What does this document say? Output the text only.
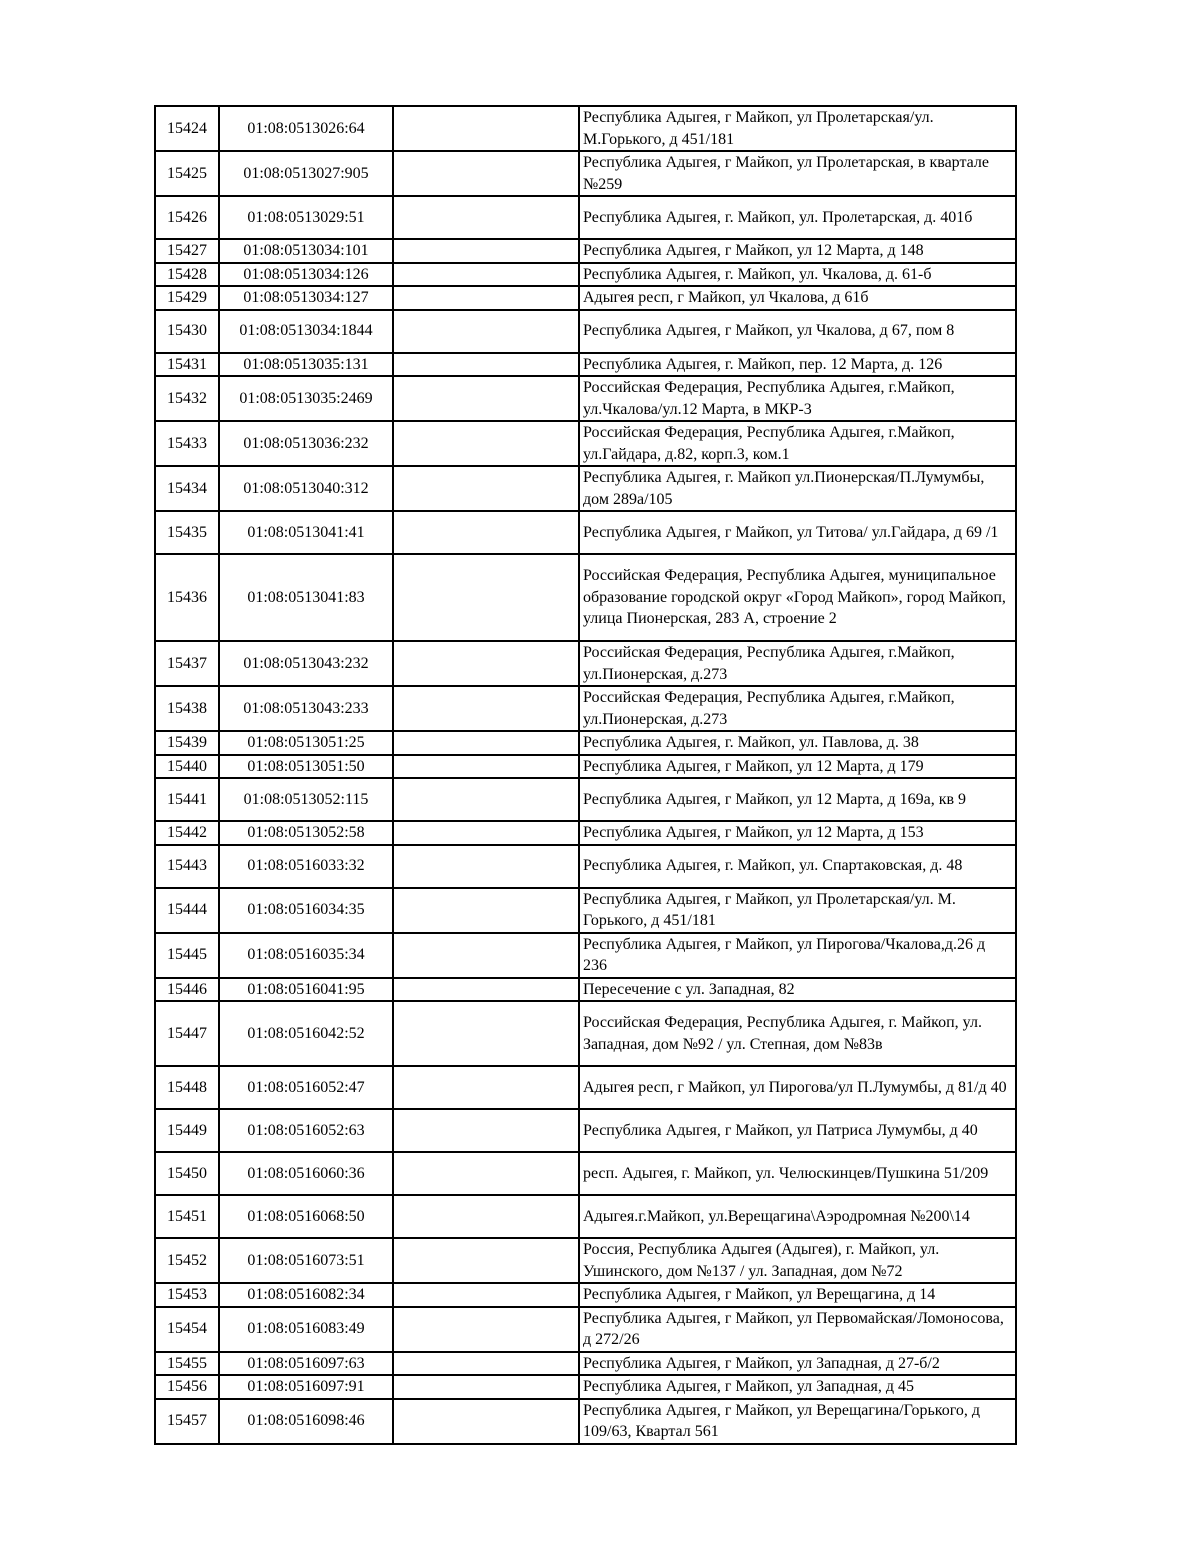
15424	01:08:0513026:64		Республика Адыгея, г Майкоп, ул Пролетарская/ул. М.Горького, д 451/181
15425	01:08:0513027:905		Республика Адыгея, г Майкоп, ул Пролетарская, в квартале №259
15426	01:08:0513029:51		Республика Адыгея, г. Майкоп, ул. Пролетарская, д. 401б
15427	01:08:0513034:101		Республика Адыгея, г Майкоп, ул 12 Марта, д 148
15428	01:08:0513034:126		Республика Адыгея, г. Майкоп, ул. Чкалова, д. 61-б
15429	01:08:0513034:127		Адыгея респ, г Майкоп, ул Чкалова, д 61б
15430	01:08:0513034:1844		Республика Адыгея, г Майкоп, ул Чкалова, д 67, пом 8
15431	01:08:0513035:131		Республика Адыгея, г. Майкоп, пер. 12 Марта, д. 126
15432	01:08:0513035:2469		Российская Федерация, Республика Адыгея, г.Майкоп, ул.Чкалова/ул.12 Марта, в МКР-3
15433	01:08:0513036:232		Российская Федерация, Республика Адыгея, г.Майкоп, ул.Гайдара, д.82, корп.3, ком.1
15434	01:08:0513040:312		Республика Адыгея, г. Майкоп ул.Пионерская/П.Лумумбы, дом 289а/105
15435	01:08:0513041:41		Республика Адыгея, г Майкоп, ул Титова/ ул.Гайдара, д 69 /1
15436	01:08:0513041:83		Российская Федерация, Республика Адыгея, муниципальное образование городской округ «Город Майкоп», город Майкоп, улица Пионерская, 283 А, строение 2
15437	01:08:0513043:232		Российская Федерация, Республика Адыгея, г.Майкоп, ул.Пионерская, д.273
15438	01:08:0513043:233		Российская Федерация, Республика Адыгея, г.Майкоп, ул.Пионерская, д.273
15439	01:08:0513051:25		Республика Адыгея, г. Майкоп, ул. Павлова, д. 38
15440	01:08:0513051:50		Республика Адыгея, г Майкоп, ул 12 Марта, д 179
15441	01:08:0513052:115		Республика Адыгея, г Майкоп, ул 12 Марта, д 169а, кв 9
15442	01:08:0513052:58		Республика Адыгея, г Майкоп, ул 12 Марта, д 153
15443	01:08:0516033:32		Республика Адыгея, г. Майкоп, ул. Спартаковская, д. 48
15444	01:08:0516034:35		Республика Адыгея, г Майкоп, ул Пролетарская/ул. М. Горького, д 451/181
15445	01:08:0516035:34		Республика Адыгея, г Майкоп, ул Пирогова/Чкалова,д.26 д 236
15446	01:08:0516041:95		Пересечение с ул. Западная, 82
15447	01:08:0516042:52		Российская Федерация, Республика Адыгея, г. Майкоп, ул. Западная, дом №92 / ул. Степная, дом №83в
15448	01:08:0516052:47		Адыгея респ, г Майкоп, ул Пирогова/ул П.Лумумбы, д 81/д 40
15449	01:08:0516052:63		Республика Адыгея, г Майкоп, ул Патриса Лумумбы, д 40
15450	01:08:0516060:36		респ. Адыгея, г. Майкоп, ул. Челюскинцев/Пушкина 51/209
15451	01:08:0516068:50		Адыгея.г.Майкоп, ул.Верещагина\Аэродромная №200\14
15452	01:08:0516073:51		Россия, Республика Адыгея (Адыгея), г. Майкоп, ул. Ушинского, дом №137 / ул. Западная, дом №72
15453	01:08:0516082:34		Республика Адыгея, г Майкоп, ул Верещагина, д 14
15454	01:08:0516083:49		Республика Адыгея, г Майкоп, ул Первомайская/Ломоносова, д 272/26
15455	01:08:0516097:63		Республика Адыгея, г Майкоп, ул Западная, д 27-б/2
15456	01:08:0516097:91		Республика Адыгея, г Майкоп, ул Западная, д 45
15457	01:08:0516098:46		Республика Адыгея, г Майкоп, ул Верещагина/Горького, д 109/63, Квартал 561
